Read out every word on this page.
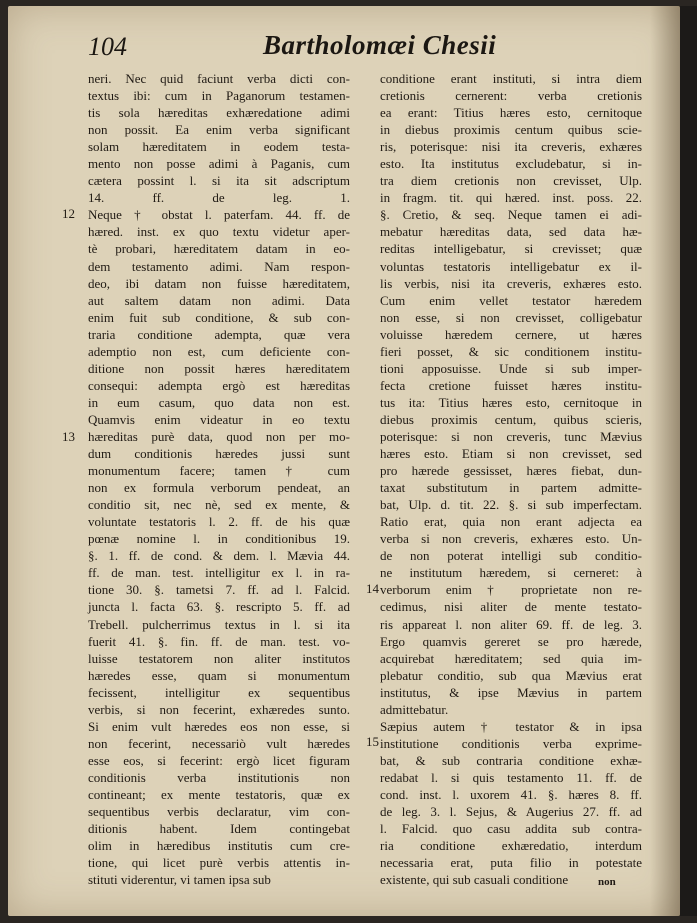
104	Bartholomæi Chesii
neri. Nec quid faciunt verba dicti con-
textus ibi: cum in Paganorum testamen-
tis sola hæreditas exhæredatione adimi
non possit. Ea enim verba significant
solam hæreditatem in eodem testa-
mento non posse adimi à Paganis, cum
cætera possint l. si ita sit adscriptum
14. ff. de leg. 1.
Neque † obstat l. paterfam. 44. ff. de
hæred. inst. ex quo textu videtur aper-
tè probari, hæreditatem datam in eo-
dem testamento adimi. Nam respon-
deo, ibi datam non fuisse hæreditatem,
aut saltem datam non adimi. Data
enim fuit sub conditione, & sub con-
traria conditione adempta, quæ vera
ademptio non est, cum deficiente con-
ditione non possit hæres hæreditatem
consequi: adempta ergò est hæreditas
in eum casum, quo data non est.
Quamvis enim videatur in eo textu
hæreditas purè data, quod non per mo-
dum conditionis hæredes jussi sunt
monumentum facere; tamen † cum
non ex formula verborum pendeat, an
conditio sit, nec nè, sed ex mente, &
voluntate testatoris l. 2. ff. de his quæ
pœnæ nomine l. in conditionibus 19.
§. 1. ff. de cond. & dem. l. Mævia 44.
ff. de man. test. intelligitur ex l. in ra-
tione 30. §. tametsi 7. ff. ad l. Falcid.
juncta l. facta 63. §. rescripto 5. ff. ad
Trebell. pulcherrimus textus in l. si ita
fuerit 41. §. fin. ff. de man. test. vo-
luisse testatorem non aliter institutos
hæredes esse, quam si monumentum
fecissent, intelligitur ex sequentibus
verbis, si non fecerint, exhæredes sunto.
Si enim vult hæredes eos non esse, si
non fecerint, necessariò vult hæredes
esse eos, si fecerint: ergò licet figuram
conditionis verba institutionis non
contineant; ex mente testatoris, quæ ex
sequentibus verbis declaratur, vim con-
ditionis habent. Idem contingebat
olim in hæredibus institutis cum cre-
tione, qui licet purè verbis attentis in-
stituti viderentur, vi tamen ipsa sub
conditione erant instituti, si intra diem
cretionis cernerent: verba cretionis
ea erant: Titius hæres esto, cernitoque
in diebus proximis centum quibus scie-
ris, poterisque: nisi ita creveris, exhæres
esto. Ita institutus excludebatur, si in-
tra diem cretionis non crevisset, Ulp.
in fragm. tit. qui hæred. inst. poss. 22.
§. Cretio, & seq. Neque tamen ei adi-
mebatur hæreditas data, sed data hæ-
reditas intelligebatur, si crevisset; quæ
voluntas testatoris intelligebatur ex il-
lis verbis, nisi ita creveris, exhæres esto.
Cum enim vellet testator hæredem
non esse, si non crevisset, colligebatur
voluisse hæredem cernere, ut hæres
fieri posset, & sic conditionem institu-
tioni apposuisse. Unde si sub imper-
fecta cretione fuisset hæres institu-
tus ita: Titius hæres esto, cernitoque in
diebus proximis centum, quibus scieris,
poterisque: si non creveris, tunc Mævius
hæres esto. Etiam si non crevisset, sed
pro hærede gessisset, hæres fiebat, dun-
taxat substitutum in partem admitte-
bat, Ulp. d. tit. 22. §. si sub imperfectam.
Ratio erat, quia non erant adjecta ea
verba si non creveris, exhæres esto. Un-
de non poterat intelligi sub conditio-
ne institutum hæredem, si cerneret: à
verborum enim † proprietate non re-
cedimus, nisi aliter de mente testato-
ris appareat l. non aliter 69. ff. de leg. 3.
Ergo quamvis gereret se pro hærede,
acquirebat hæreditatem; sed quia im-
plebatur conditio, sub qua Mævius erat
institutus, & ipse Mævius in partem
admittebatur.
Sæpius autem † testator & in ipsa
institutione conditionis verba exprime-
bat, & sub contraria conditione exhæ-
redabat l. si quis testamento 11. ff. de
cond. inst. l. uxorem 41. §. hæres 8. ff.
de leg. 3. l. Sejus, & Augerius 27. ff. ad
l. Falcid. quo casu addita sub contra-
ria conditione exhæredatio, interdum
necessaria erat, puta filio in potestate
existente, qui sub casuali conditione
12
13
14
15
non
